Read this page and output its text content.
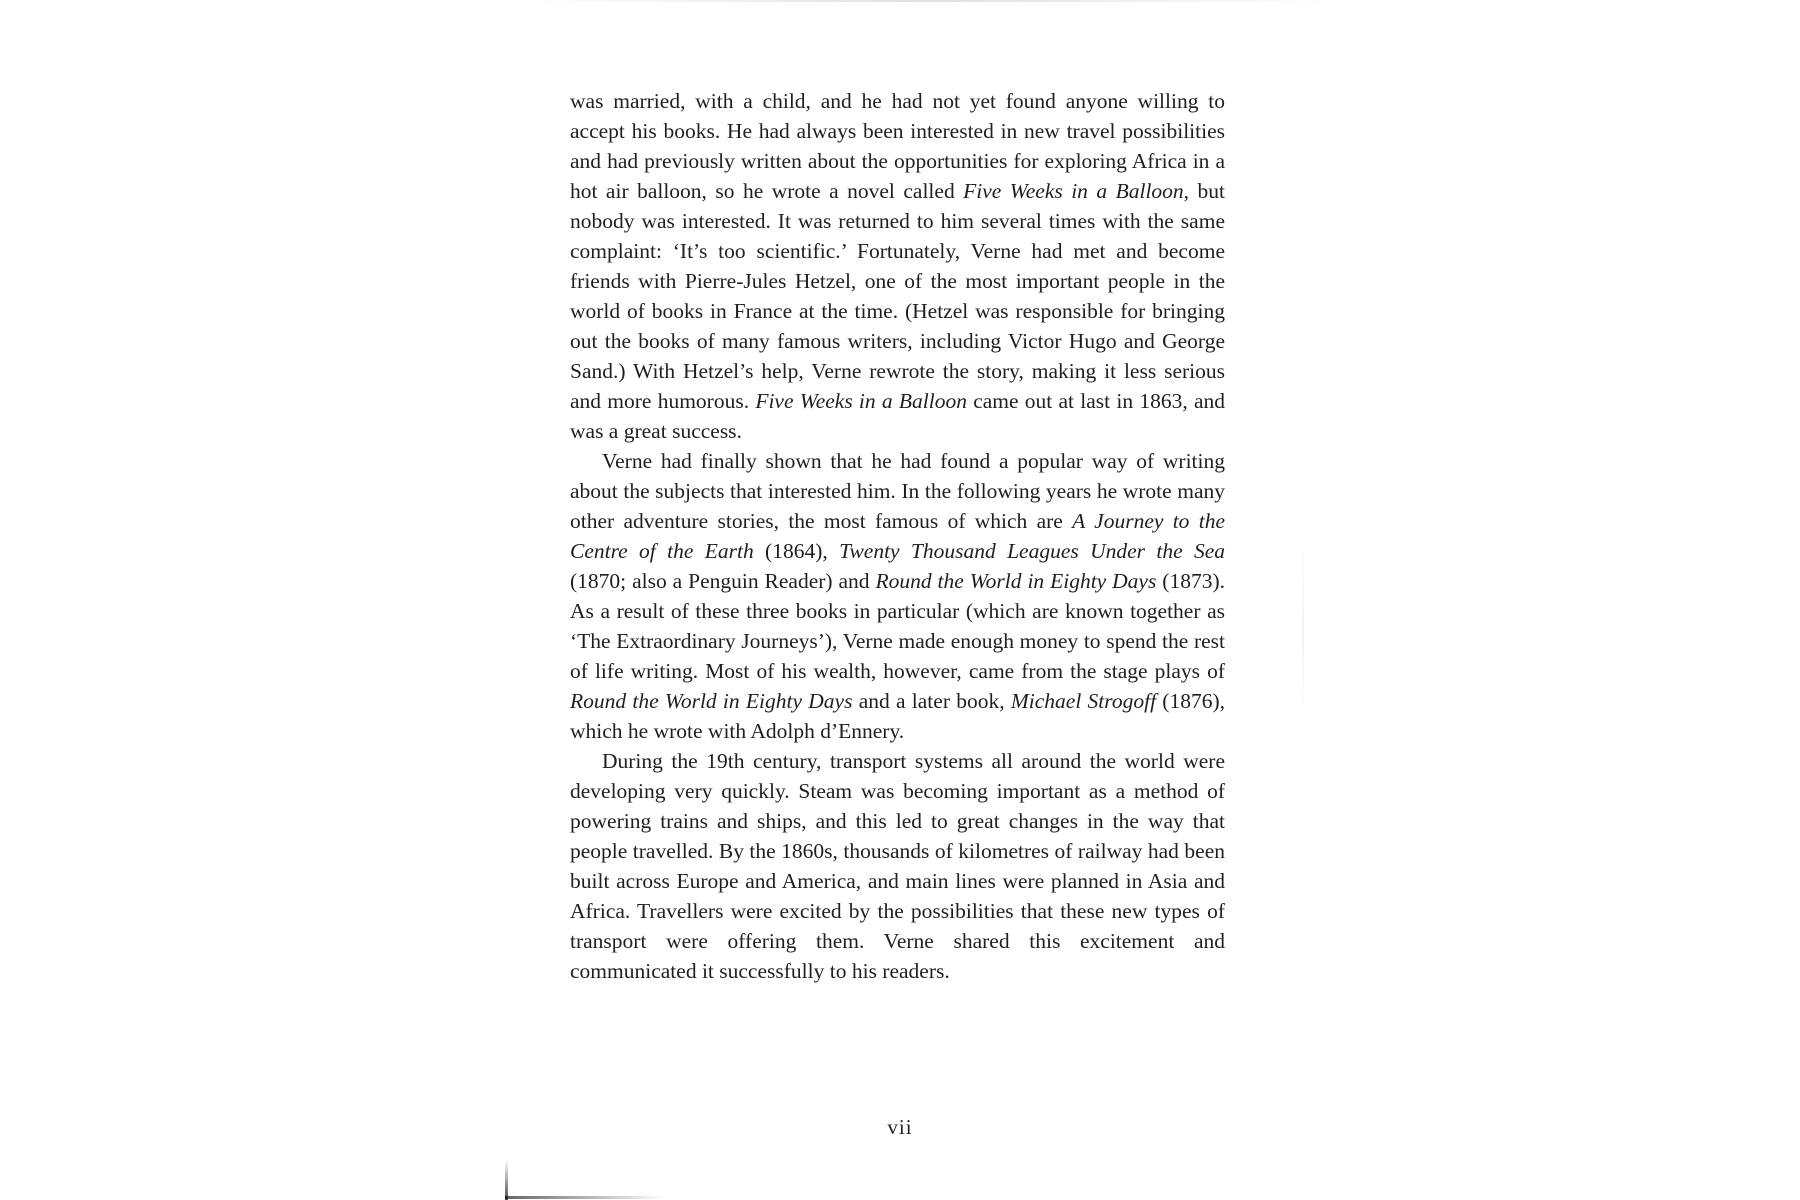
was married, with a child, and he had not yet found anyone willing to accept his books. He had always been interested in new travel possibilities and had previously written about the opportunities for exploring Africa in a hot air balloon, so he wrote a novel called Five Weeks in a Balloon, but nobody was interested. It was returned to him several times with the same complaint: ‘It’s too scientific.’ Fortunately, Verne had met and become friends with Pierre-Jules Hetzel, one of the most important people in the world of books in France at the time. (Hetzel was responsible for bringing out the books of many famous writers, including Victor Hugo and George Sand.) With Hetzel’s help, Verne rewrote the story, making it less serious and more humorous. Five Weeks in a Balloon came out at last in 1863, and was a great success.

Verne had finally shown that he had found a popular way of writing about the subjects that interested him. In the following years he wrote many other adventure stories, the most famous of which are A Journey to the Centre of the Earth (1864), Twenty Thousand Leagues Under the Sea (1870; also a Penguin Reader) and Round the World in Eighty Days (1873). As a result of these three books in particular (which are known together as ‘The Extraordinary Journeys’), Verne made enough money to spend the rest of life writing. Most of his wealth, however, came from the stage plays of Round the World in Eighty Days and a later book, Michael Strogoff (1876), which he wrote with Adolph d’Ennery.

During the 19th century, transport systems all around the world were developing very quickly. Steam was becoming important as a method of powering trains and ships, and this led to great changes in the way that people travelled. By the 1860s, thousands of kilometres of railway had been built across Europe and America, and main lines were planned in Asia and Africa. Travellers were excited by the possibilities that these new types of transport were offering them. Verne shared this excitement and communicated it successfully to his readers.

vii
